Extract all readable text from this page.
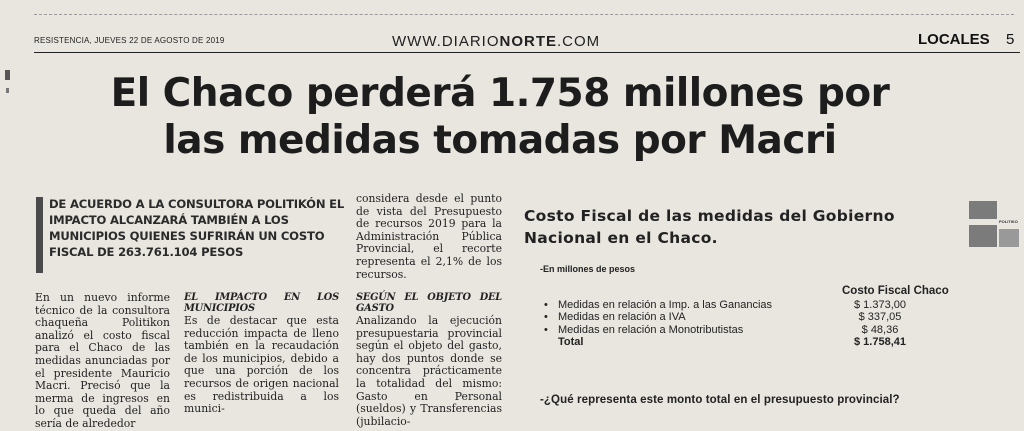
RESISTENCIA, JUEVES 22 DE AGOSTO DE 2019	WWW.DIARIONORTE.COM	LOCALES 5
El Chaco perderá 1.758 millones por
las medidas tomadas por Macri
DE ACUERDO A LA CONSULTORA POLITIKÓN EL IMPACTO ALCANZARÁ TAMBIÉN A LOS MUNICIPIOS QUIENES SUFRIRÁN UN COSTO FISCAL DE 263.761.104 PESOS

En un nuevo informe técnico de la consultora chaqueña Politikon analizó el costo fiscal para el Chaco de las medidas anunciadas por el presidente Mauricio Macri. Precisó que la merma de ingresos en lo que queda del año sería de alrededor

EL IMPACTO EN LOS MUNICIPIOS

Es de destacar que esta reducción impacta de lleno también en la recaudación de los municipios, debido a que una porción de los recursos de origen nacional es redistribuida a los munici-

considera desde el punto de vista del Presupuesto de recursos 2019 para la Administración Pública Provincial, el recorte representa el 2,1% de los recursos.

SEGÚN EL OBJETO DEL GASTO

Analizando la ejecución presupuestaria provincial según el objeto del gasto, hay dos puntos donde se concentra prácticamente la totalidad del mismo: Gasto en Personal (sueldos) y Transferencias (jubilacio-

Costo Fiscal de las medidas del Gobierno Nacional en el Chaco.
POLITIKO
-En millones de pesos
Costo Fiscal Chaco
• Medidas en relación a Imp. a las Ganancias	$ 1.373,00
• Medidas en relación a IVA	$ 337,05
• Medidas en relación a Monotributistas	$ 48,36
Total	$ 1.758,41
-¿Qué representa este monto total en el presupuesto provincial?
